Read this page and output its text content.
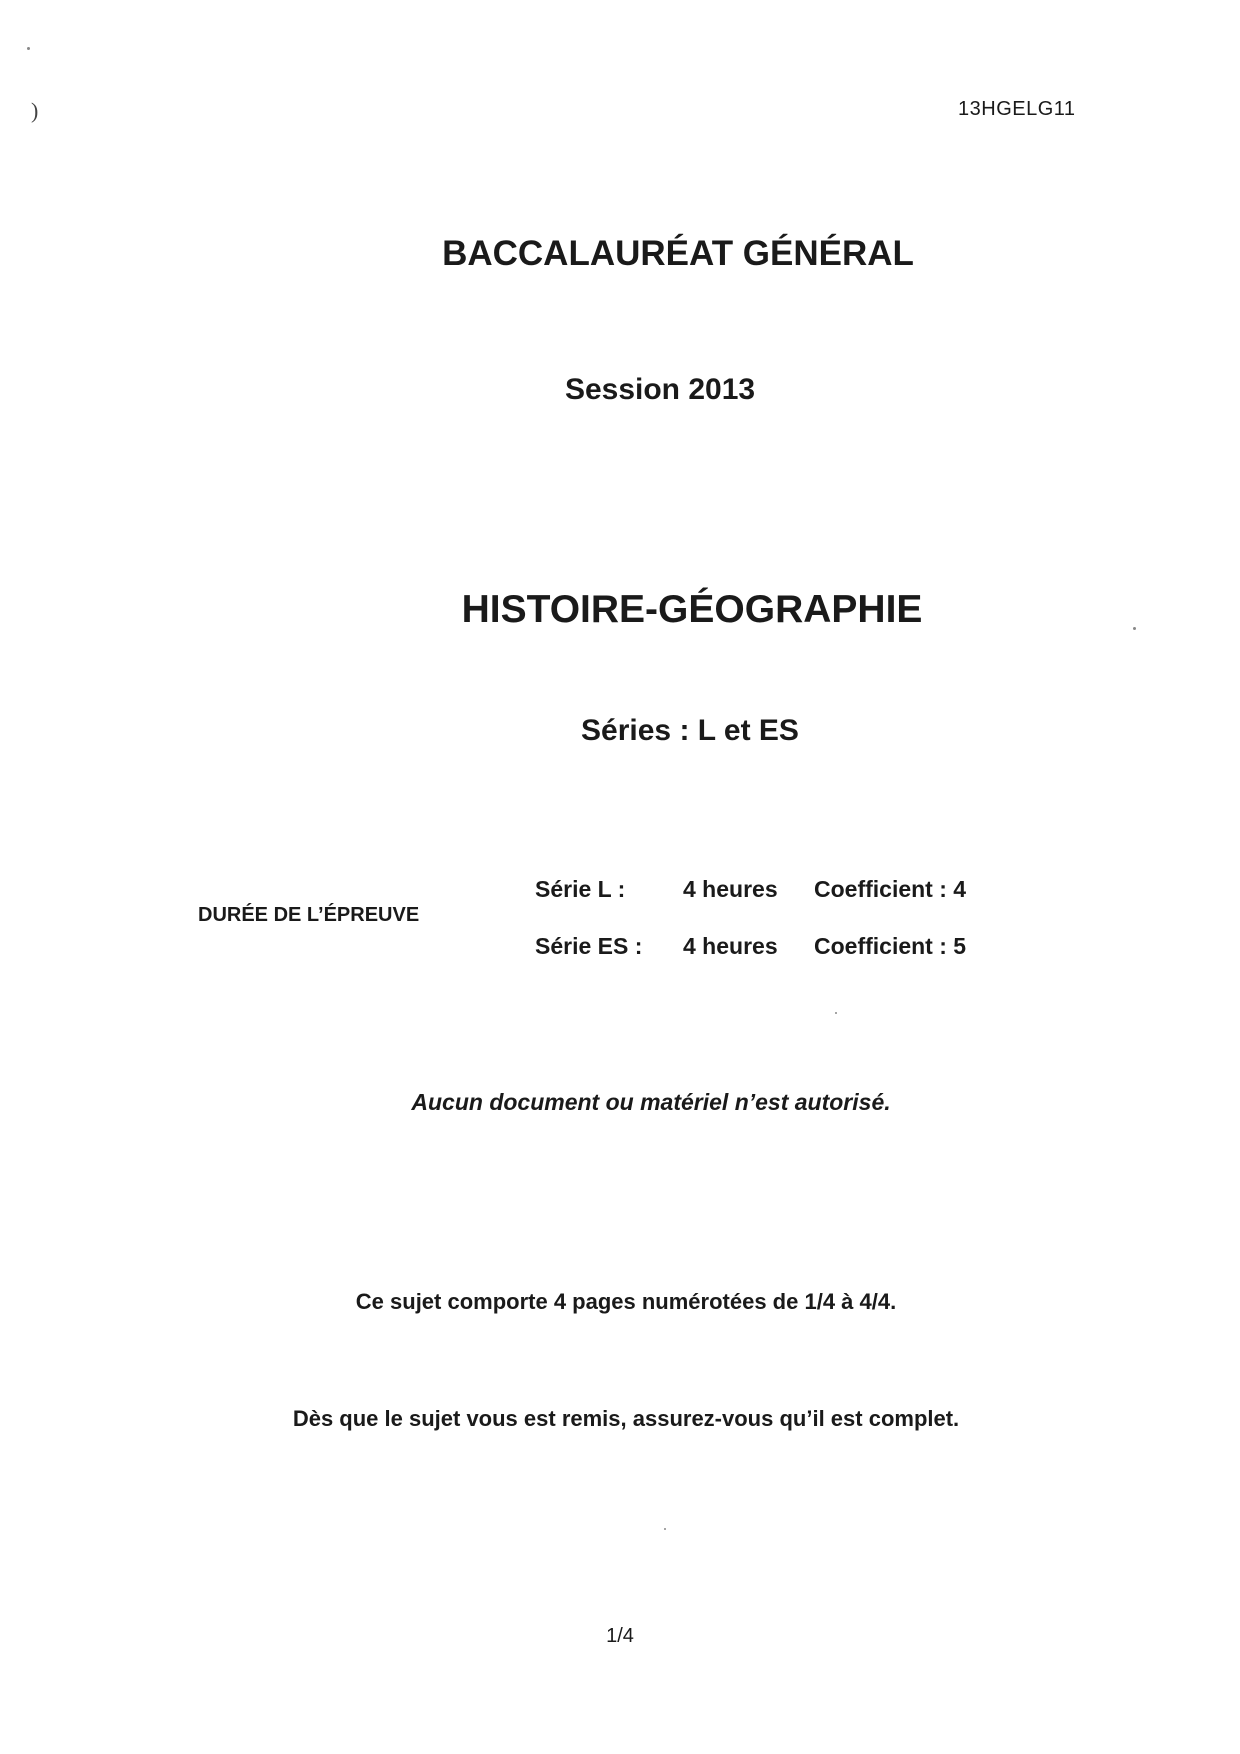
)	13HGELG11
BACCALAURÉAT GÉNÉRAL
Session 2013
HISTOIRE-GÉOGRAPHIE
Séries : L et ES
DURÉE DE L’ÉPREUVE
Série L :	4 heures Coefficient : 4
Série ES : 4 heures Coefficient : 5
Aucun document ou matériel n’est autorisé.
Ce sujet comporte 4 pages numérotées de 1/4 à 4/4.
Dès que le sujet vous est remis, assurez-vous qu’il est complet.
1/4
